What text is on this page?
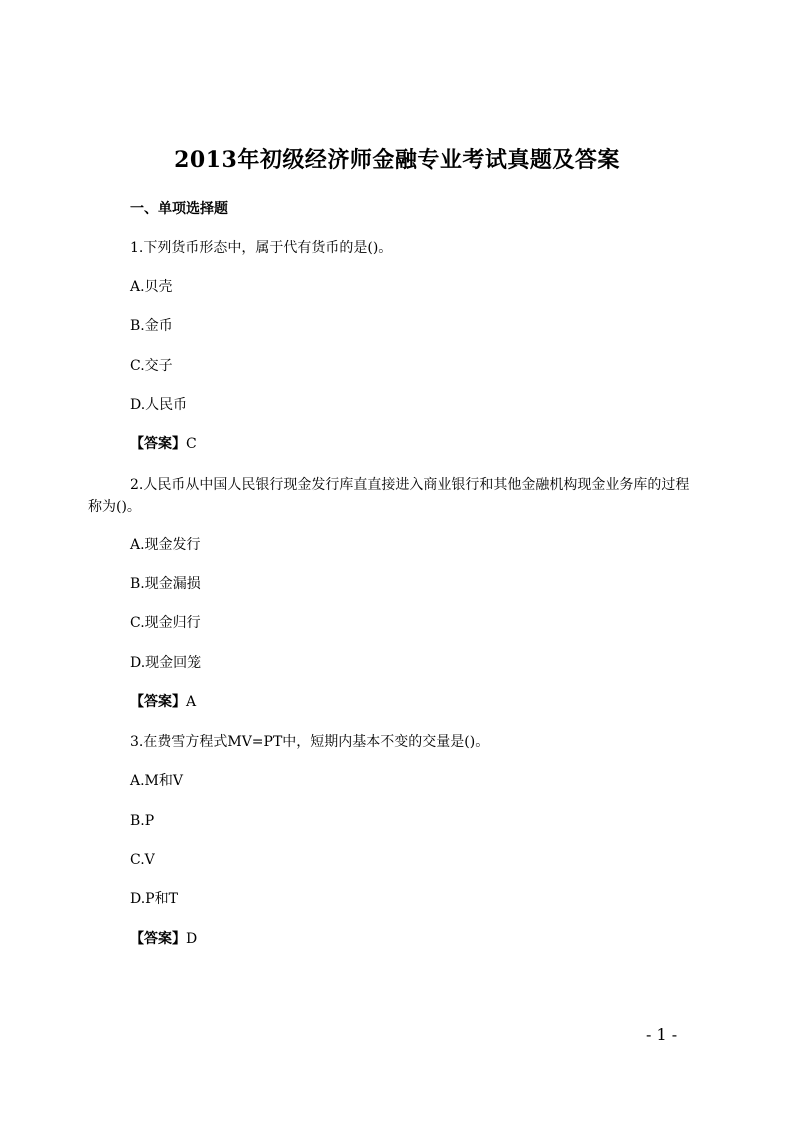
2013年初级经济师金融专业考试真题及答案
一、单项选择题
1.下列货币形态中，属于代有货币的是()。
A.贝壳
B.金币
C.交子
D.人民币
【答案】C
2.人民币从中国人民银行现金发行库直直接进入商业银行和其他金融机构现金业务库的过程称为()。
A.现金发行
B.现金漏损
C.现金归行
D.现金回笼
【答案】A
3.在费雪方程式MV=PT中，短期内基本不变的交量是()。
A.M和V
B.P
C.V
D.P和T
【答案】D
- 1 -
